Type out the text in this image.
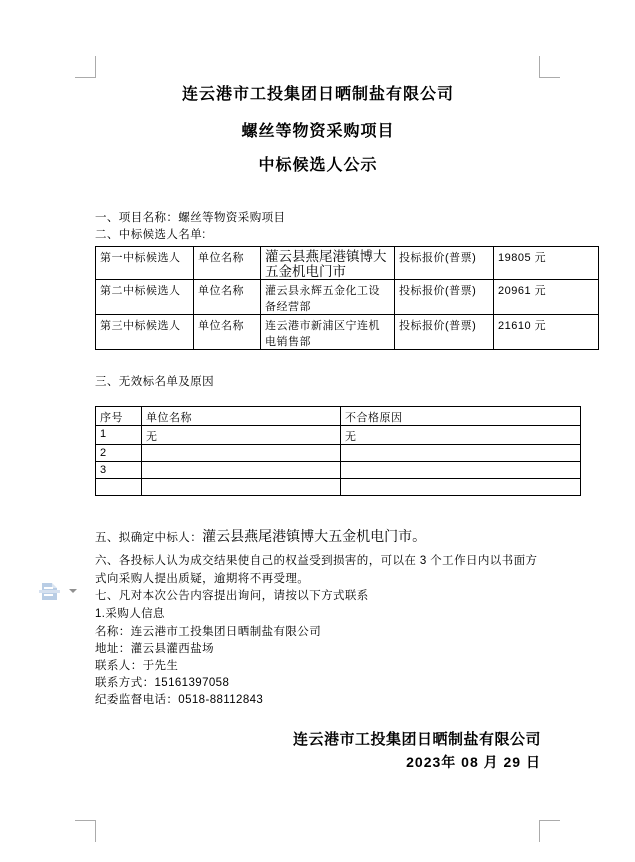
连云港市工投集团日晒制盐有限公司
螺丝等物资采购项目
中标候选人公示
一、项目名称：螺丝等物资采购项目
二、中标候选人名单:
第一中标候选人	单位名称	灌云县燕尾港镇博大五金机电门市	投标报价(普票)	19805 元
第二中标候选人	单位名称	灌云县永辉五金化工设备经营部	投标报价(普票)	20961 元
第三中标候选人	单位名称	连云港市新浦区宁连机电销售部	投标报价(普票)	21610 元
三、无效标名单及原因
序号	单位名称	不合格原因
1	无	无
2		
3		

五、拟确定中标人：灌云县燕尾港镇博大五金机电门市。
六、各投标人认为成交结果使自己的权益受到损害的，可以在 3 个工作日内以书面方式向采购人提出质疑，逾期将不再受理。
七、凡对本次公告内容提出询问，请按以下方式联系
1.采购人信息
名称：连云港市工投集团日晒制盐有限公司
地址：灌云县灌西盐场
联系人：于先生
联系方式：15161397058
纪委监督电话：0518-88112843
连云港市工投集团日晒制盐有限公司
2023年 08 月 29 日
